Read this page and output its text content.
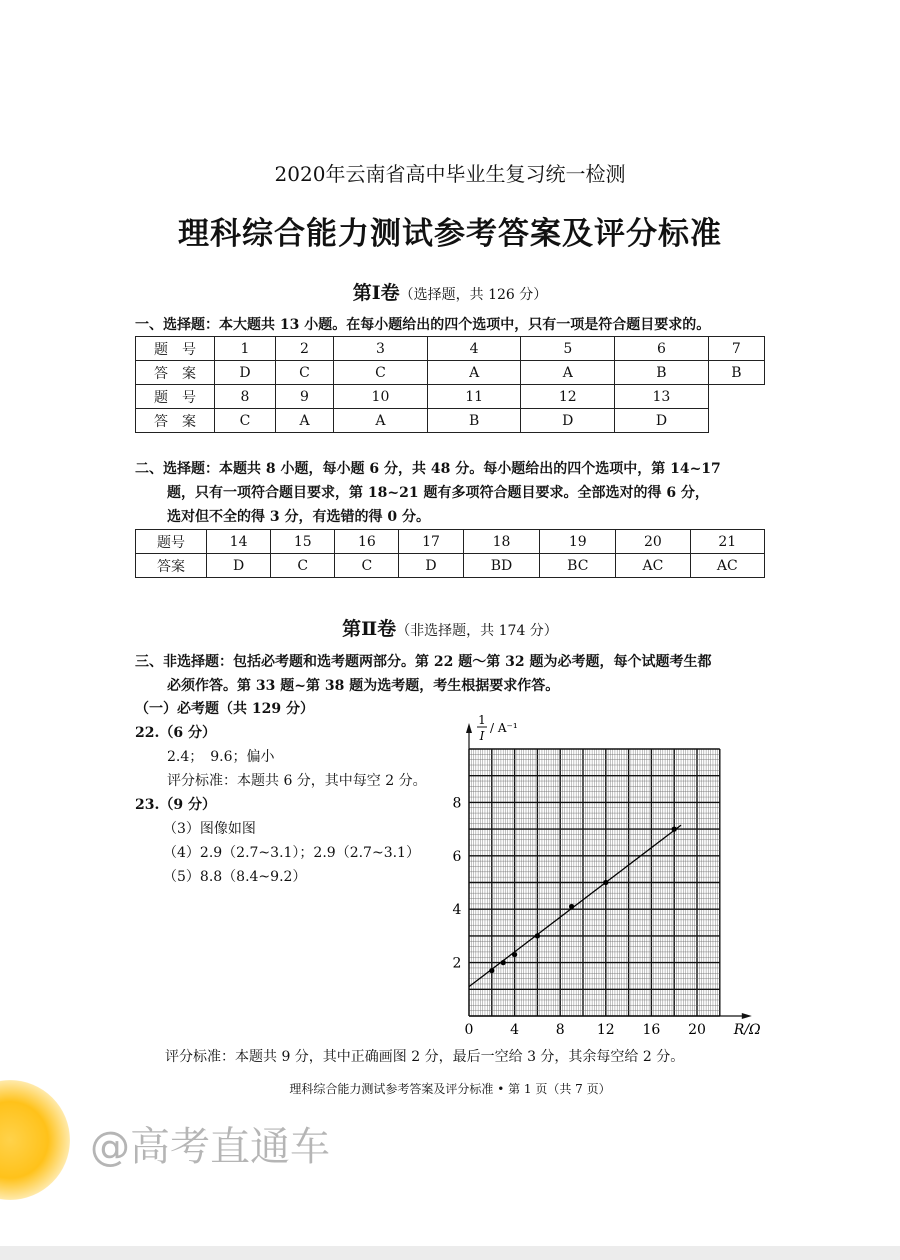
@高考直通车
2020年云南省高中毕业生复习统一检测
理科综合能力测试参考答案及评分标准
第Ⅰ卷（选择题，共 126 分）
一、选择题：本大题共 13 小题。在每小题给出的四个选项中，只有一项是符合题目要求的。
题　号	1	2	3	4	5	6	7
答　案	D	C	C	A	A	B	B
题　号	8	9	10	11	12	13	
答　案	C	A	A	B	D	D	
二、选择题：本题共 8 小题，每小题 6 分，共 48 分。每小题给出的四个选项中，第 14~17
题，只有一项符合题目要求，第 18~21 题有多项符合题目要求。全部选对的得 6 分，
选对但不全的得 3 分，有选错的得 0 分。
题号	14	15	16	17	18	19	20	21
答案	D	C	C	D	BD	BC	AC	AC
第Ⅱ卷（非选择题，共 174 分）
三、非选择题：包括必考题和选考题两部分。第 22 题～第 32 题为必考题，每个试题考生都
必须作答。第 33 题~第 38 题为选考题，考生根据要求作答。
（一）必考题（共 129 分）
22.（6 分）
2.4；　9.6；偏小
评分标准：本题共 6 分，其中每空 2 分。
23.（9 分）
（3）图像如图
（4）2.9（2.7~3.1）；2.9（2.7~3.1）
（5）8.8（8.4~9.2）
0	4	8 12 16 20
2
4
6
8
R/Ω
1
I
/ A⁻¹
评分标准：本题共 9 分，其中正确画图 2 分，最后一空给 3 分，其余每空给 2 分。
理科综合能力测试参考答案及评分标准 • 第 1 页（共 7 页）
